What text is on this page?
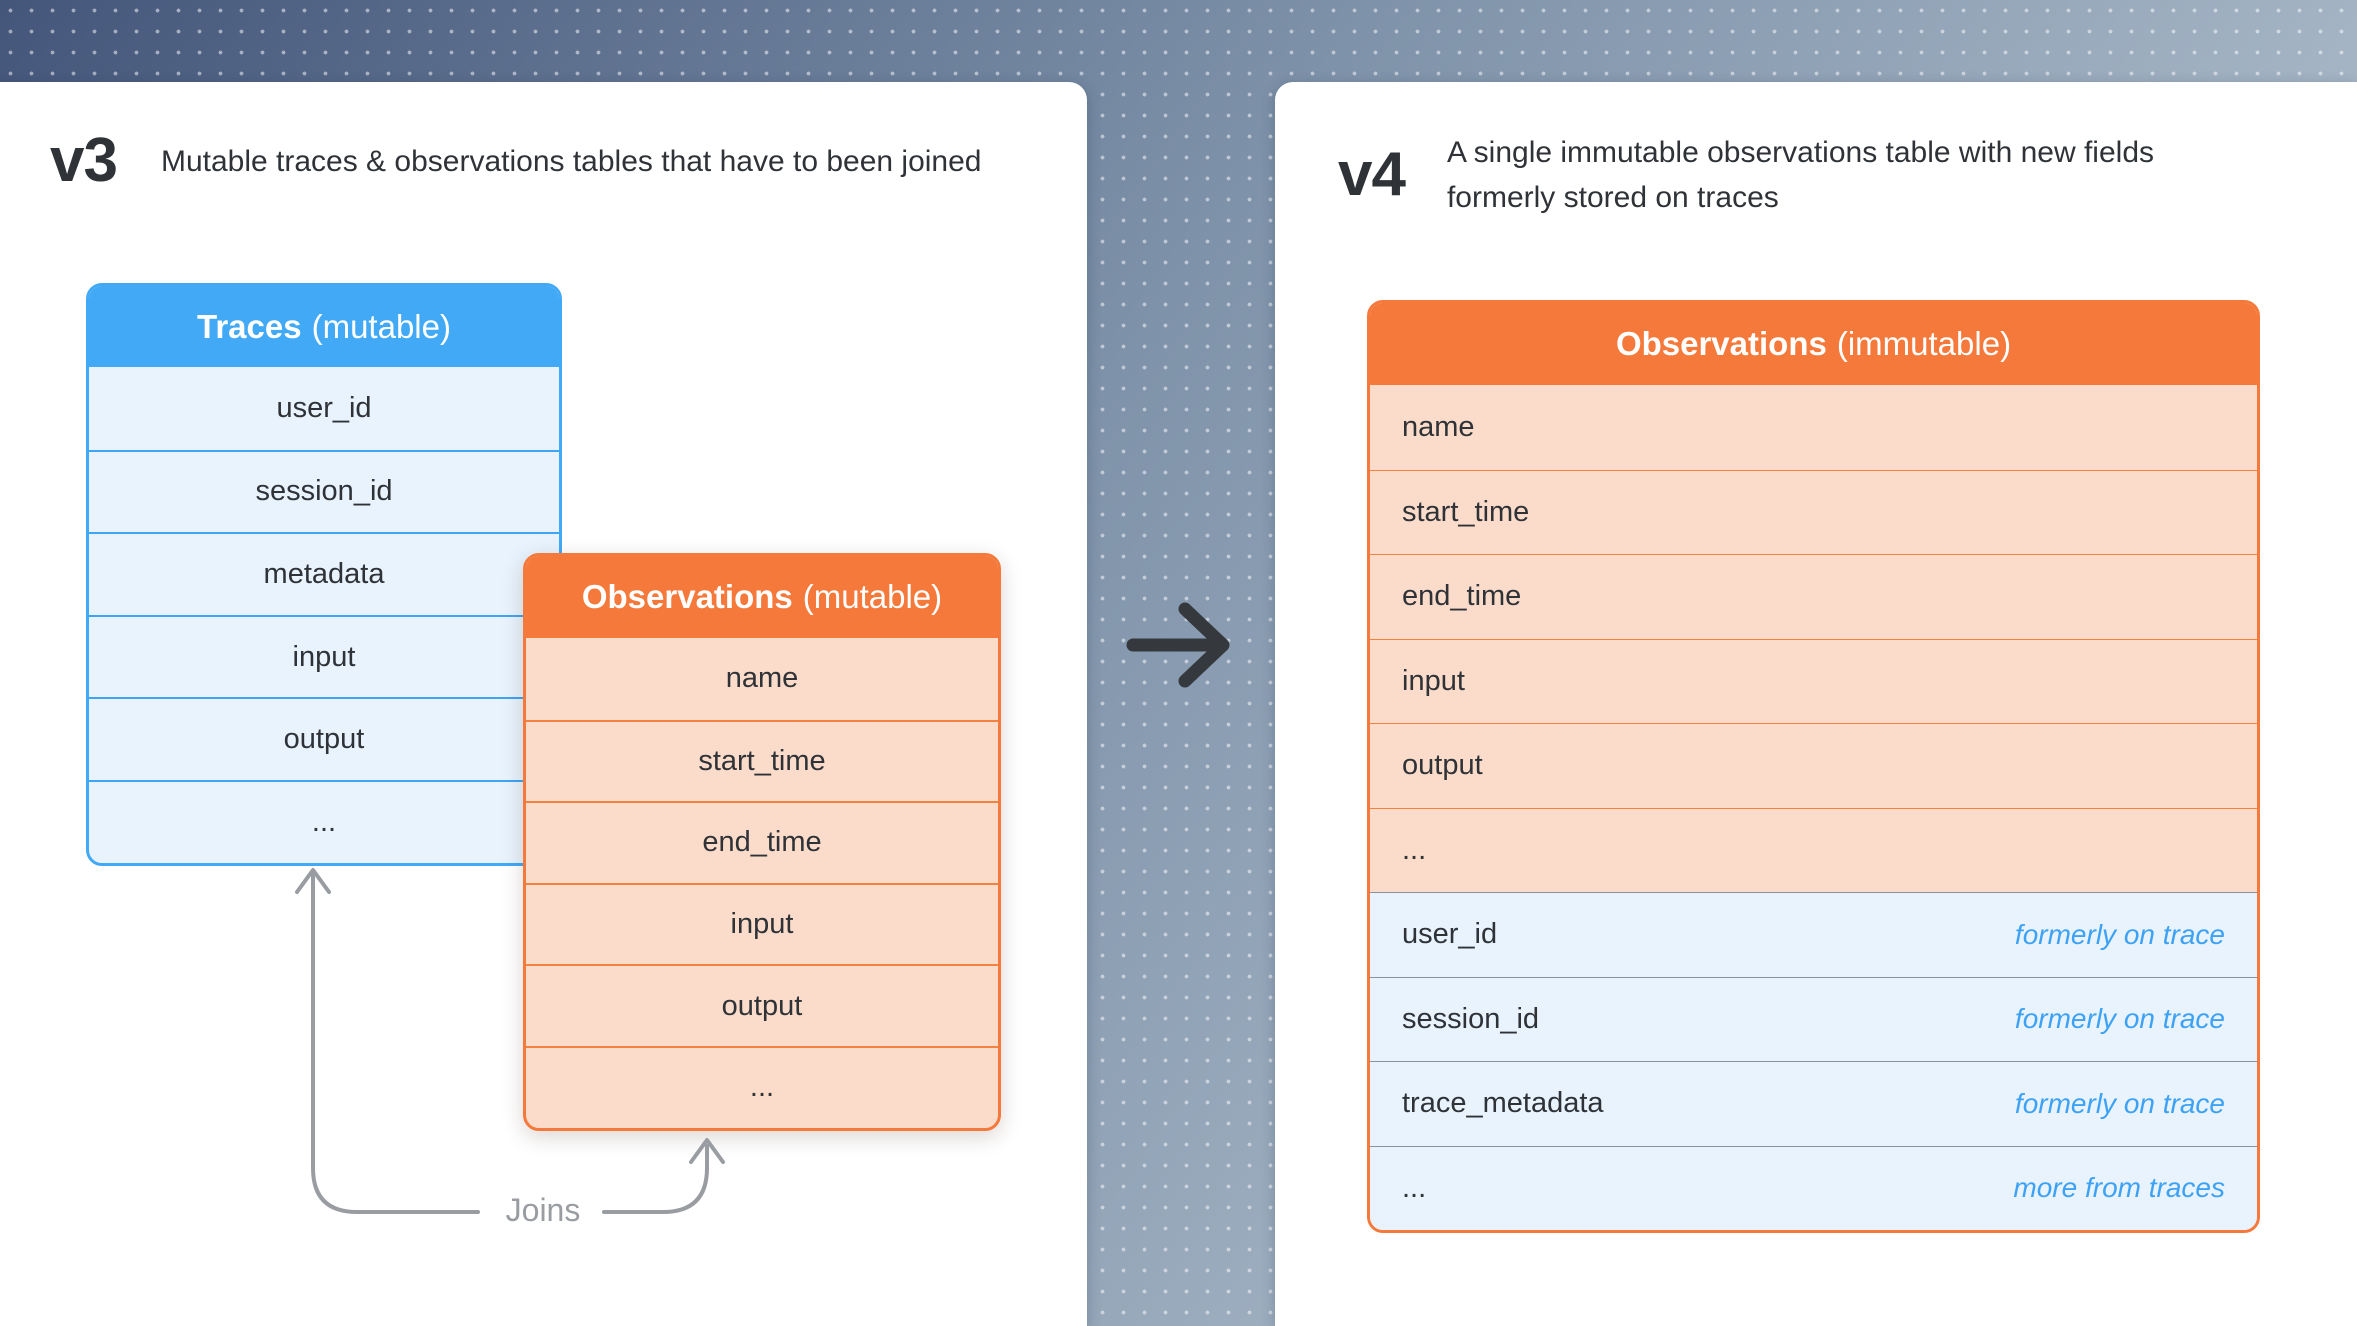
v3 Mutable traces & observations tables that have to been joined
Traces (mutable)
user_id
session_id
metadata
input
output
...
Observations (mutable)
name
start_time
end_time
input
output
...
Joins
v4 A single immutable observations table with new fields formerly stored on traces
Observations (immutable)
name
start_time
end_time
input
output
...
user_id	formerly on trace
session_id	formerly on trace
trace_metadata	formerly on trace
...	more from traces
